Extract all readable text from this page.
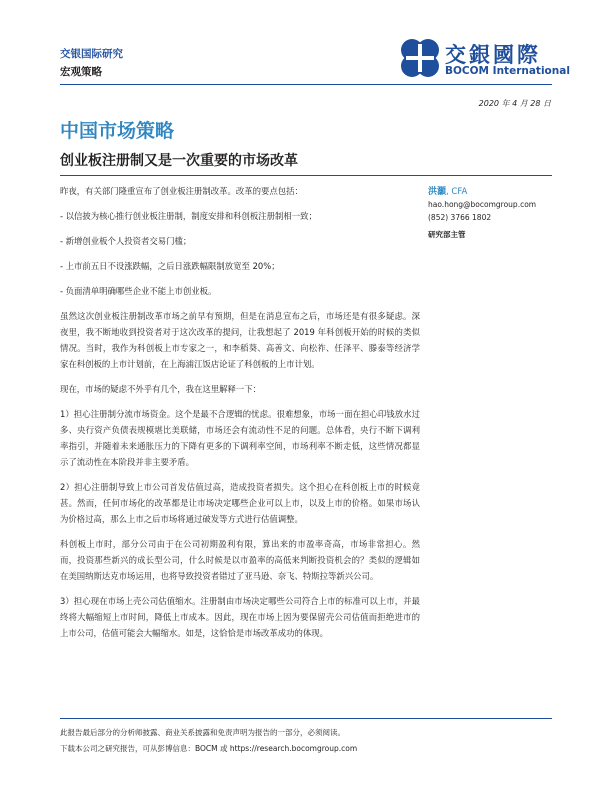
交银国际研究
宏观策略
交銀國際
BOCOM International
2020 年 4 月 28 日
中国市场策略
创业板注册制又是一次重要的市场改革

昨夜，有关部门隆重宣布了创业板注册制改革。改革的要点包括：

- 以信披为核心推行创业板注册制，制度安排和科创板注册制相一致；

- 新增创业板个人投资者交易门槛；

- 上市前五日不设涨跌幅，之后日涨跌幅限制放宽至 20%；

- 负面清单明确哪些企业不能上市创业板。

虽然这次创业板注册制改革市场之前早有预期，但是在消息宣布之后，市场还是有很多疑虑。深夜里，我不断地收到投资者对于这次改革的提问，让我想起了 2019 年科创板开始的时候的类似情况。当时，我作为科创板上市专家之一，和李稻葵、高善文、向松祚、任泽平、滕泰等经济学家在科创板的上市计划前，在上海浦江饭店论证了科创板的上市计划。

现在，市场的疑虑不外乎有几个，我在这里解释一下：

1）担心注册制分流市场资金。这个是最不合逻辑的忧虑。很难想象，市场一面在担心印钱放水过多、央行资产负债表规模堪比美联储，市场还会有流动性不足的问题。总体看，央行不断下调利率指引，并随着未来通胀压力的下降有更多的下调利率空间，市场利率不断走低，这些情况都显示了流动性在本阶段并非主要矛盾。

2）担心注册制导致上市公司首发估值过高，造成投资者损失。这个担心在科创板上市的时候竟甚。然而，任何市场化的改革都是让市场决定哪些企业可以上市，以及上市的价格。如果市场认为价格过高，那么上市之后市场将通过破发等方式进行估值调整。

科创板上市时，部分公司由于在公司初期盈利有限，算出来的市盈率奇高，市场非常担心。然而，投资那些新兴的成长型公司，什么时候是以市盈率的高低来判断投资机会的？类似的逻辑如在美国纳斯达克市场运用，也将导致投资者错过了亚马逊、奈飞、特斯拉等新兴公司。

3）担心现在市场上壳公司估值缩水。注册制由市场决定哪些公司符合上市的标准可以上市，并最终将大幅缩短上市时间，降低上市成本。因此，现在市场上因为要保留壳公司估值而拒绝进市的上市公司，估值可能会大幅缩水。如是，这恰恰是市场改革成功的体现。

洪灝, CFA
hao.hong@bocomgroup.com
(852) 3766 1802
研究部主管
此报告最后部分的分析师披露、商业关系披露和免责声明为报告的一部分，必须阅读。
下载本公司之研究报告，可从彭博信息：BOCM 或 https://research.bocomgroup.com
